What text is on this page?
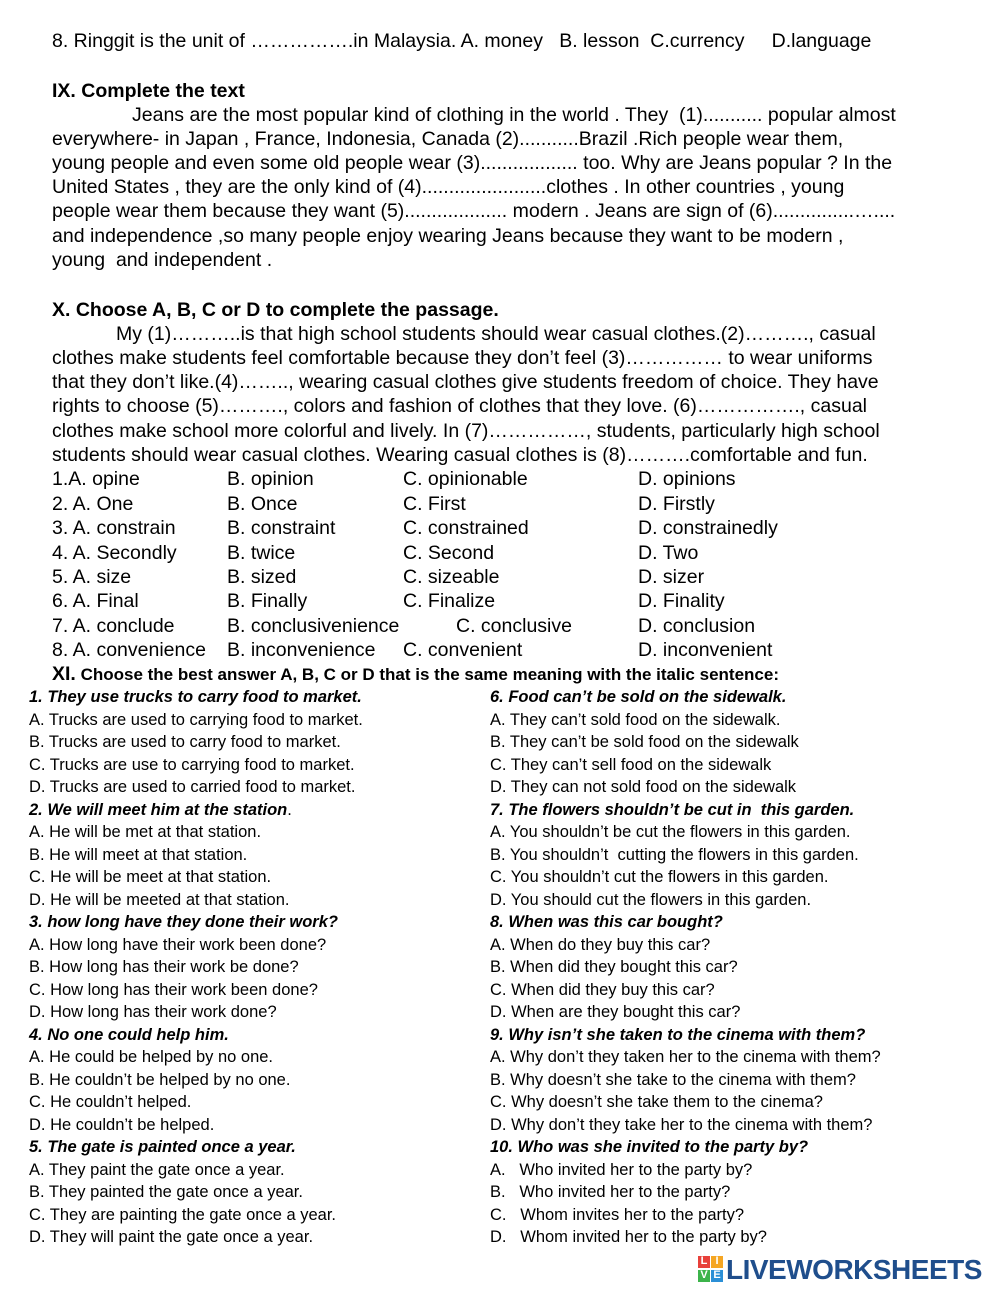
8. Ringgit is the unit of …………….in Malaysia. A. money   B. lesson  C.currency     D.language
IX. Complete the text
Jeans are the most popular kind of clothing in the world . They  (1)........... popular almost
everywhere- in Japan , France, Indonesia, Canada (2)...........Brazil .Rich people wear them,
young people and even some old people wear (3).................. too. Why are Jeans popular ? In the
United States , they are the only kind of (4).......................clothes . In other countries , young
people wear them because they want (5)................... modern . Jeans are sign of (6)...............…....
and independence ,so many people enjoy wearing Jeans because they want to be modern ,
young  and independent .
X. Choose A, B, C or D to complete the passage.
My (1)………..is that high school students should wear casual clothes.(2)………., casual
clothes make students feel comfortable because they don’t feel (3)…………… to wear uniforms
that they don’t like.(4)…….., wearing casual clothes give students freedom of choice. They have
rights to choose (5)………., colors and fashion of clothes that they love. (6)……………., casual
clothes make school more colorful and lively. In (7)……………, students, particularly high school
students should wear casual clothes. Wearing casual clothes is (8)……….comfortable and fun.
1.A. opine	B. opinion	C. opinionable	D. opinions
2. A. One	B. Once	C. First	D. Firstly
3. A. constrain	B. constraint	C. constrained	D. constrainedly
4. A. Secondly	B. twice	C. Second	D. Two
5. A. size	B. sized	C. sizeable	D. sizer
6. A. Final	B. Finally	C. Finalize	D. Finality
7. A. conclude	B. conclusivenience	C. conclusive	D. conclusion
8. A. convenience B. inconvenience C. convenient	D. inconvenient
XI. Choose the best answer A, B, C or D that is the same meaning with the italic sentence:
1. They use trucks to carry food to market.
A. Trucks are used to carrying food to market.
B. Trucks are used to carry food to market.
C. Trucks are use to carrying food to market.
D. Trucks are used to carried food to market.
2. We will meet him at the station.
A. He will be met at that station.
B. He will meet at that station.
C. He will be meet at that station.
D. He will be meeted at that station.
3. how long have they done their work?
A. How long have their work been done?
B. How long has their work be done?
C. How long has their work been done?
D. How long has their work done?
4. No one could help him.
A. He could be helped by no one.
B. He couldn’t be helped by no one.
C. He couldn’t helped.
D. He couldn’t be helped.
5. The gate is painted once a year.
A. They paint the gate once a year.
B. They painted the gate once a year.
C. They are painting the gate once a year.
D. They will paint the gate once a year.
6. Food can’t be sold on the sidewalk.
A. They can’t sold food on the sidewalk.
B. They can’t be sold food on the sidewalk
C. They can’t sell food on the sidewalk
D. They can not sold food on the sidewalk
7. The flowers shouldn’t be cut in  this garden.
A. You shouldn’t be cut the flowers in this garden.
B. You shouldn’t  cutting the flowers in this garden.
C. You shouldn’t cut the flowers in this garden.
D. You should cut the flowers in this garden.
8. When was this car bought?
A. When do they buy this car?
B. When did they bought this car?
C. When did they buy this car?
D. When are they bought this car?
9. Why isn’t she taken to the cinema with them?
A. Why don’t they taken her to the cinema with them?
B. Why doesn’t she take to the cinema with them?
C. Why doesn’t she take them to the cinema?
D. Why don’t they take her to the cinema with them?
10. Who was she invited to the party by?
A.   Who invited her to the party by?
B.   Who invited her to the party?
C.   Whom invites her to the party?
D.   Whom invited her to the party by?
L I
V E LIVEWORKSHEETS
